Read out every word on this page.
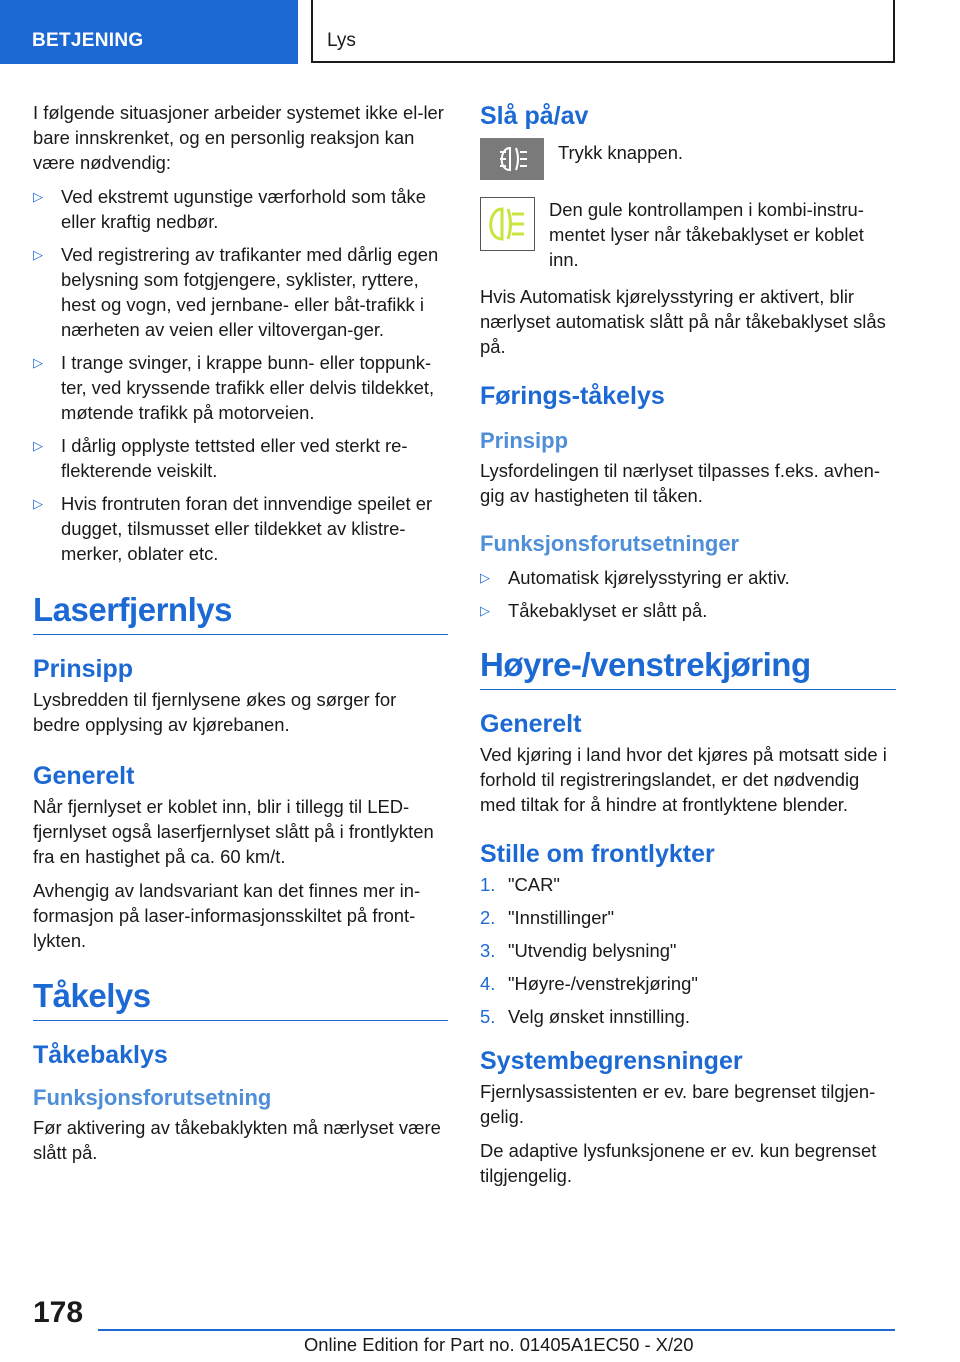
BETJENING	Lys

I følgende situasjoner arbeider systemet ikke el-ler bare innskrenket, og en personlig reaksjon kan være nødvendig:

▷ Ved ekstremt ugunstige værforhold som tåke eller kraftig nedbør.
▷ Ved registrering av trafikanter med dårlig egen belysning som fotgjengere, syklister, ryttere, hest og vogn, ved jernbane- eller båt-trafikk i nærheten av veien eller viltovergan-ger.
▷ I trange svinger, i krappe bunn- eller toppunk-ter, ved kryssende trafikk eller delvis tildekket, møtende trafikk på motorveien.
▷ I dårlig opplyste tettsted eller ved sterkt re-flekterende veiskilt.
▷ Hvis frontruten foran det innvendige speilet er dugget, tilsmusset eller tildekket av klistre-merker, oblater etc.
Laserfjernlys
Prinsipp

Lysbredden til fjernlysene økes og sørger for bedre opplysing av kjørebanen.

Generelt

Når fjernlyset er koblet inn, blir i tillegg til LED-fjernlyset også laserfjernlyset slått på i frontlykten fra en hastighet på ca. 60 km/t.

Avhengig av landsvariant kan det finnes mer in-formasjon på laser-informasjonsskiltet på front-lykten.

Tåkelys
Tåkebaklys
Funksjonsforutsetning

Før aktivering av tåkebaklykten må nærlyset være slått på.

Slå på/av

Trykk knappen.

Den gule kontrollampen i kombi-instru-mentet lyser når tåkebaklyset er koblet inn.

Hvis Automatisk kjørelysstyring er aktivert, blir nærlyset automatisk slått på når tåkebaklyset slås på.

Førings-tåkelys
Prinsipp

Lysfordelingen til nærlyset tilpasses f.eks. avhen-gig av hastigheten til tåken.

Funksjonsforutsetninger
▷ Automatisk kjørelysstyring er aktiv.
▷ Tåkebaklyset er slått på.
Høyre-/venstrekjøring
Generelt

Ved kjøring i land hvor det kjøres på motsatt side i forhold til registreringslandet, er det nødvendig med tiltak for å hindre at frontlyktene blender.

Stille om frontlykter
1. "CAR"
2. "Innstillinger"
3. "Utvendig belysning"
4. "Høyre-/venstrekjøring"
5. Velg ønsket innstilling.
Systembegrensninger

Fjernlysassistenten er ev. bare begrenset tilgjen-gelig.

De adaptive lysfunksjonene er ev. kun begrenset tilgjengelig.

178
Online Edition for Part no. 01405A1EC50 - X/20
